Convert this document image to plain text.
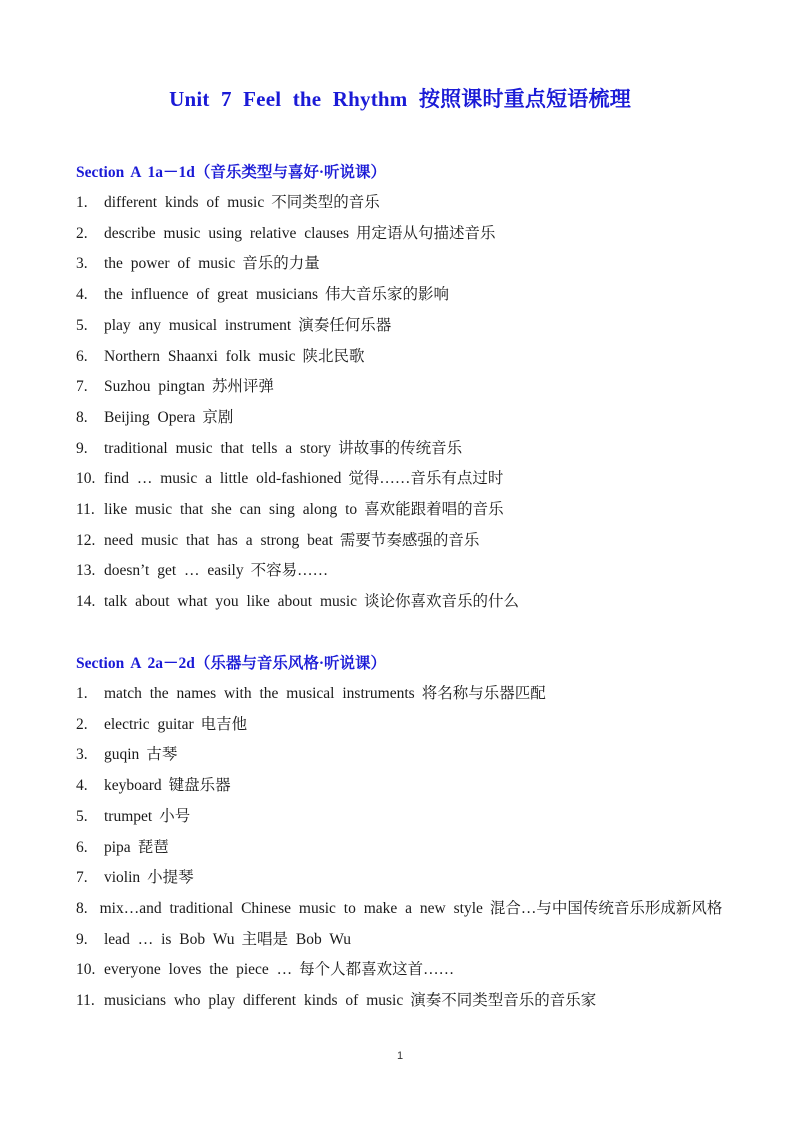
Unit 7 Feel the Rhythm 按照课时重点短语梳理
Section A 1a－1d（音乐类型与喜好·听说课）
1.	different kinds of music 不同类型的音乐
2.	describe music using relative clauses 用定语从句描述音乐
3.	the power of music 音乐的力量
4.	the influence of great musicians 伟大音乐家的影响
5.	play any musical instrument 演奏任何乐器
6.	Northern Shaanxi folk music 陕北民歌
7.	Suzhou pingtan 苏州评弹
8.	Beijing Opera 京剧
9.	traditional music that tells a story 讲故事的传统音乐
10. find … music a little old-fashioned 觉得……音乐有点过时
11. like music that she can sing along to 喜欢能跟着唱的音乐
12. need music that has a strong beat 需要节奏感强的音乐
13. doesn’t get … easily 不容易……
14. talk about what you like about music 谈论你喜欢音乐的什么
Section A 2a－2d（乐器与音乐风格·听说课）
1.	match the names with the musical instruments 将名称与乐器匹配
2.	electric guitar 电吉他
3.	guqin 古琴
4.	keyboard 键盘乐器
5.	trumpet 小号
6.	pipa 琵琶
7.	violin 小提琴
8. mix…and traditional Chinese music to make a new style 混合…与中国传统音乐形成新风格
9.	lead … is Bob Wu 主唱是 Bob Wu
10. everyone loves the piece … 每个人都喜欢这首……
11. musicians who play different kinds of music 演奏不同类型音乐的音乐家
1
